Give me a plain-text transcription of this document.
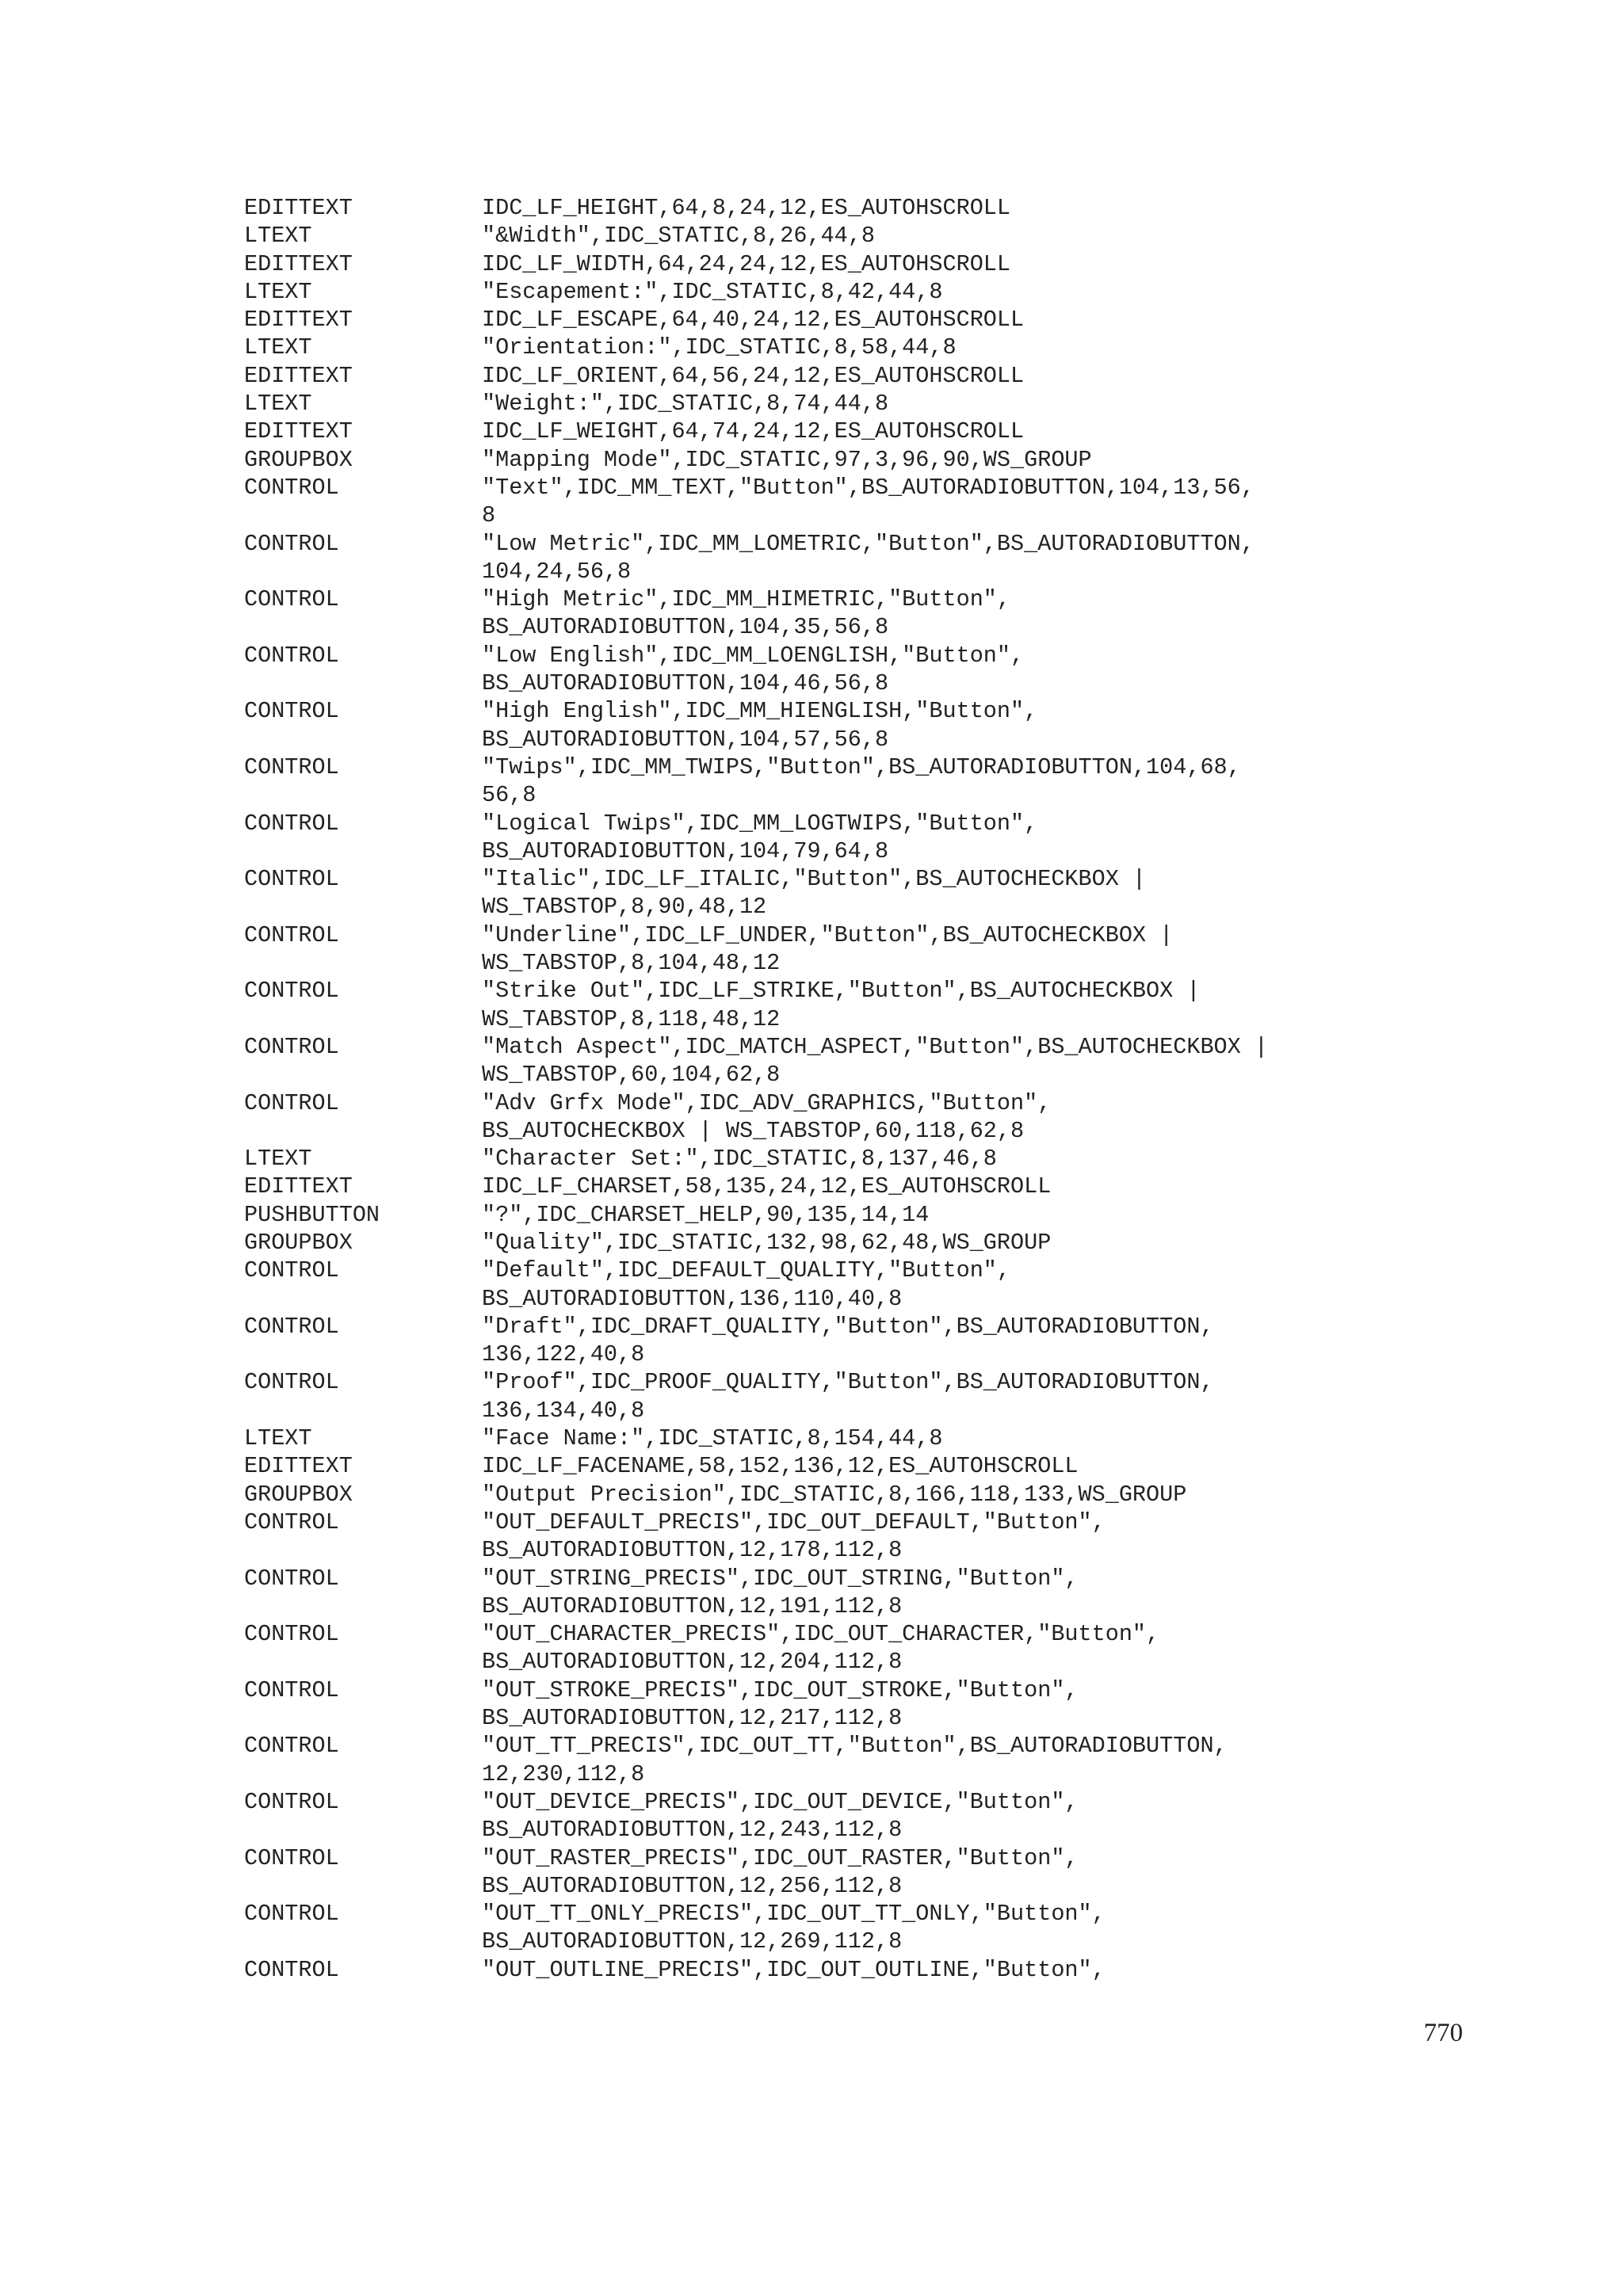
EDITTEXT	IDC_LF_HEIGHT,64,8,24,12,ES_AUTOHSCROLL
LTEXT	"&Width",IDC_STATIC,8,26,44,8
EDITTEXT	IDC_LF_WIDTH,64,24,24,12,ES_AUTOHSCROLL
LTEXT	"Escapement:",IDC_STATIC,8,42,44,8
EDITTEXT	IDC_LF_ESCAPE,64,40,24,12,ES_AUTOHSCROLL
LTEXT	"Orientation:",IDC_STATIC,8,58,44,8
EDITTEXT	IDC_LF_ORIENT,64,56,24,12,ES_AUTOHSCROLL
LTEXT	"Weight:",IDC_STATIC,8,74,44,8
EDITTEXT	IDC_LF_WEIGHT,64,74,24,12,ES_AUTOHSCROLL
GROUPBOX	"Mapping Mode",IDC_STATIC,97,3,96,90,WS_GROUP
CONTROL	"Text",IDC_MM_TEXT,"Button",BS_AUTORADIOBUTTON,104,13,56,
8
CONTROL	"Low Metric",IDC_MM_LOMETRIC,"Button",BS_AUTORADIOBUTTON,
104,24,56,8
CONTROL	"High Metric",IDC_MM_HIMETRIC,"Button",
BS_AUTORADIOBUTTON,104,35,56,8
CONTROL	"Low English",IDC_MM_LOENGLISH,"Button",
BS_AUTORADIOBUTTON,104,46,56,8
CONTROL	"High English",IDC_MM_HIENGLISH,"Button",
BS_AUTORADIOBUTTON,104,57,56,8
CONTROL	"Twips",IDC_MM_TWIPS,"Button",BS_AUTORADIOBUTTON,104,68,
56,8
CONTROL	"Logical Twips",IDC_MM_LOGTWIPS,"Button",
BS_AUTORADIOBUTTON,104,79,64,8
CONTROL	"Italic",IDC_LF_ITALIC,"Button",BS_AUTOCHECKBOX |
WS_TABSTOP,8,90,48,12
CONTROL	"Underline",IDC_LF_UNDER,"Button",BS_AUTOCHECKBOX |
WS_TABSTOP,8,104,48,12
CONTROL	"Strike Out",IDC_LF_STRIKE,"Button",BS_AUTOCHECKBOX |
WS_TABSTOP,8,118,48,12
CONTROL	"Match Aspect",IDC_MATCH_ASPECT,"Button",BS_AUTOCHECKBOX |
WS_TABSTOP,60,104,62,8
CONTROL	"Adv Grfx Mode",IDC_ADV_GRAPHICS,"Button",
BS_AUTOCHECKBOX | WS_TABSTOP,60,118,62,8
LTEXT	"Character Set:",IDC_STATIC,8,137,46,8
EDITTEXT	IDC_LF_CHARSET,58,135,24,12,ES_AUTOHSCROLL
PUSHBUTTON	"?",IDC_CHARSET_HELP,90,135,14,14
GROUPBOX	"Quality",IDC_STATIC,132,98,62,48,WS_GROUP
CONTROL	"Default",IDC_DEFAULT_QUALITY,"Button",
BS_AUTORADIOBUTTON,136,110,40,8
CONTROL	"Draft",IDC_DRAFT_QUALITY,"Button",BS_AUTORADIOBUTTON,
136,122,40,8
CONTROL	"Proof",IDC_PROOF_QUALITY,"Button",BS_AUTORADIOBUTTON,
136,134,40,8
LTEXT	"Face Name:",IDC_STATIC,8,154,44,8
EDITTEXT	IDC_LF_FACENAME,58,152,136,12,ES_AUTOHSCROLL
GROUPBOX	"Output Precision",IDC_STATIC,8,166,118,133,WS_GROUP
CONTROL	"OUT_DEFAULT_PRECIS",IDC_OUT_DEFAULT,"Button",
BS_AUTORADIOBUTTON,12,178,112,8
CONTROL	"OUT_STRING_PRECIS",IDC_OUT_STRING,"Button",
BS_AUTORADIOBUTTON,12,191,112,8
CONTROL	"OUT_CHARACTER_PRECIS",IDC_OUT_CHARACTER,"Button",
BS_AUTORADIOBUTTON,12,204,112,8
CONTROL	"OUT_STROKE_PRECIS",IDC_OUT_STROKE,"Button",
BS_AUTORADIOBUTTON,12,217,112,8
CONTROL	"OUT_TT_PRECIS",IDC_OUT_TT,"Button",BS_AUTORADIOBUTTON,
12,230,112,8
CONTROL	"OUT_DEVICE_PRECIS",IDC_OUT_DEVICE,"Button",
BS_AUTORADIOBUTTON,12,243,112,8
CONTROL	"OUT_RASTER_PRECIS",IDC_OUT_RASTER,"Button",
BS_AUTORADIOBUTTON,12,256,112,8
CONTROL	"OUT_TT_ONLY_PRECIS",IDC_OUT_TT_ONLY,"Button",
BS_AUTORADIOBUTTON,12,269,112,8
CONTROL	"OUT_OUTLINE_PRECIS",IDC_OUT_OUTLINE,"Button",
770
